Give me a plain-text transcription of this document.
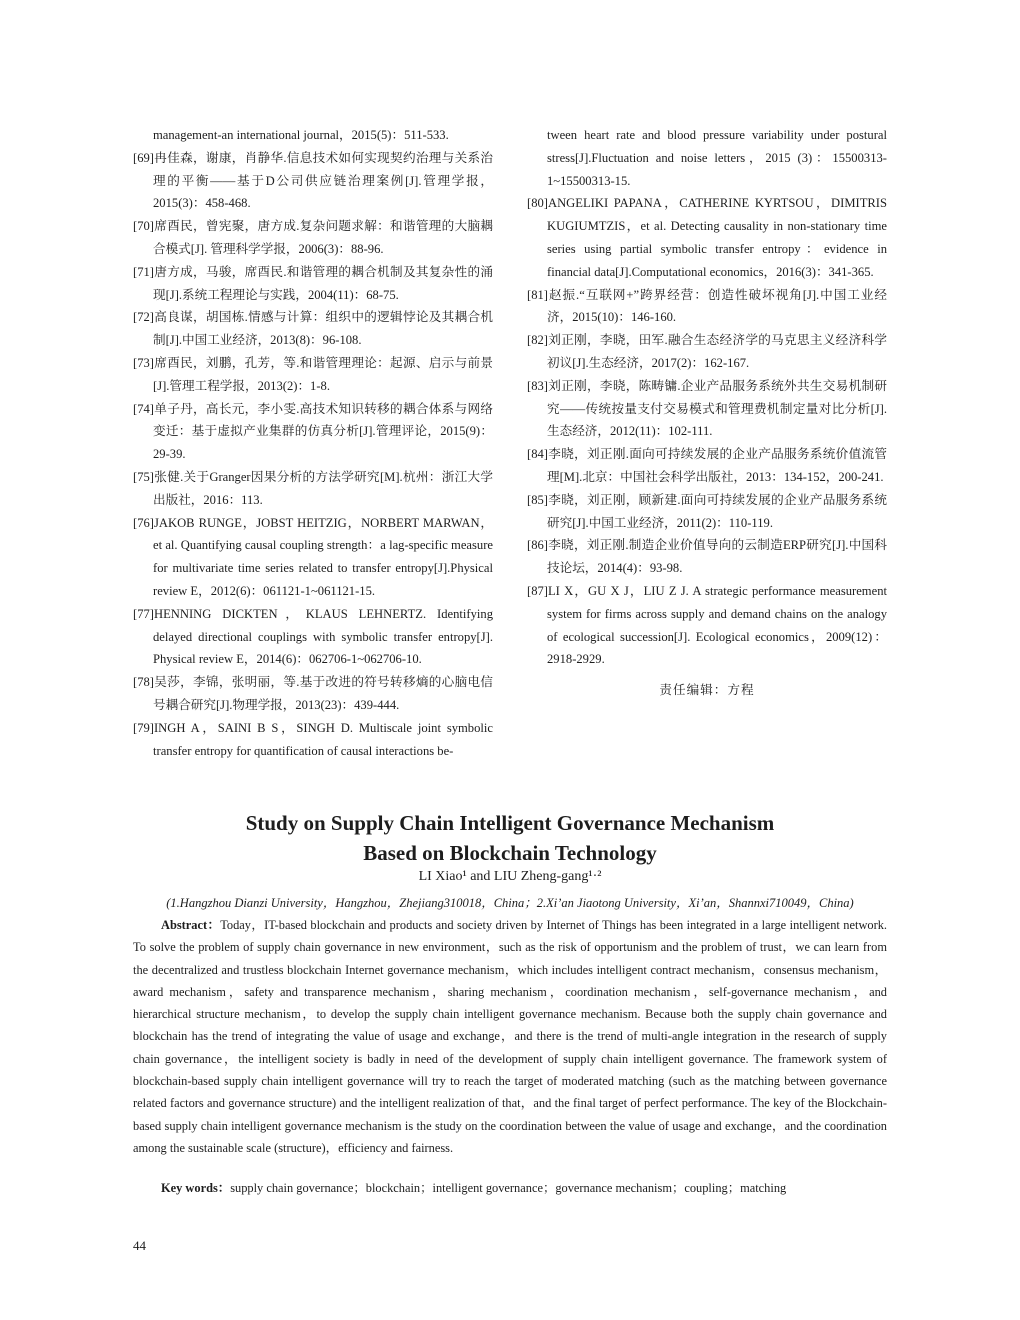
management-an international journal，2015(5)：511-533.
[69]冉佳森，谢康，肖静华.信息技术如何实现契约治理与关系治理的平衡——基于D公司供应链治理案例[J].管理学报，2015(3)：458-468.
[70]席酉民，曾宪聚，唐方成.复杂问题求解：和谐管理的大脑耦合模式[J]. 管理科学学报，2006(3)：88-96.
[71]唐方成，马骏，席酉民.和谐管理的耦合机制及其复杂性的涌现[J].系统工程理论与实践，2004(11)：68-75.
[72]高良谋，胡国栋.情感与计算：组织中的逻辑悖论及其耦合机制[J].中国工业经济，2013(8)：96-108.
[73]席酉民，刘鹏，孔芳，等.和谐管理理论：起源、启示与前景[J].管理工程学报，2013(2)：1-8.
[74]单子丹，高长元，李小雯.高技术知识转移的耦合体系与网络变迁：基于虚拟产业集群的仿真分析[J].管理评论，2015(9)：29-39.
[75]张健.关于Granger因果分析的方法学研究[M].杭州：浙江大学出版社，2016：113.
[76]JAKOB RUNGE，JOBST HEITZIG，NORBERT MARWAN，et al. Quantifying causal coupling strength：a lag-specific measure for multivariate time series related to transfer entropy[J].Physical review E，2012(6)：061121-1~061121-15.
[77]HENNING DICKTEN，KLAUS LEHNERTZ. Identifying delayed directional couplings with symbolic transfer entropy[J]. Physical review E，2014(6)：062706-1~062706-10.
[78]吴莎，李锦，张明丽，等.基于改进的符号转移熵的心脑电信号耦合研究[J].物理学报，2013(23)：439-444.
[79]INGH A，SAINI B S，SINGH D. Multiscale joint symbolic transfer entropy for quantification of causal interactions be-
tween heart rate and blood pressure variability under postural stress[J].Fluctuation and noise letters，2015 (3)：15500313-1~15500313-15.
[80]ANGELIKI PAPANA，CATHERINE KYRTSOU，DIMITRIS KUGIUMTZIS，et al. Detecting causality in non-stationary time series using partial symbolic transfer entropy：evidence in financial data[J].Computational economics，2016(3)：341-365.
[81]赵振.“互联网+”跨界经营：创造性破坏视角[J].中国工业经济，2015(10)：146-160.
[82]刘正刚，李晓，田军.融合生态经济学的马克思主义经济科学初议[J].生态经济，2017(2)：162-167.
[83]刘正刚，李晓，陈畴镛.企业产品服务系统外共生交易机制研究——传统按量支付交易模式和管理费机制定量对比分析[J].生态经济，2012(11)：102-111.
[84]李晓，刘正刚.面向可持续发展的企业产品服务系统价值流管理[M].北京：中国社会科学出版社，2013：134-152，200-241.
[85]李晓，刘正刚，顾新建.面向可持续发展的企业产品服务系统研究[J].中国工业经济，2011(2)：110-119.
[86]李晓，刘正刚.制造企业价值导向的云制造ERP研究[J].中国科技论坛，2014(4)：93-98.
[87]LI X，GU X J，LIU Z J. A strategic performance measurement system for firms across supply and demand chains on the analogy of ecological succession[J]. Ecological economics，2009(12)：2918-2929.
责任编辑：方程
Study on Supply Chain Intelligent Governance Mechanism
Based on Blockchain Technology
LI Xiao¹ and LIU Zheng-gang¹·²
(1.Hangzhou Dianzi University，Hangzhou，Zhejiang310018，China；2.Xi’an Jiaotong University，Xi’an，Shannxi710049，China)
Abstract：Today，IT-based blockchain and products and society driven by Internet of Things has been integrated in a large intelligent network. To solve the problem of supply chain governance in new environment，such as the risk of opportunism and the problem of trust，we can learn from the decentralized and trustless blockchain Internet governance mechanism，which includes intelligent contract mechanism，consensus mechanism，award mechanism，safety and transparence mechanism，sharing mechanism，coordination mechanism，self-governance mechanism，and hierarchical structure mechanism，to develop the supply chain intelligent governance mechanism. Because both the supply chain governance and blockchain has the trend of integrating the value of usage and exchange，and there is the trend of multi-angle integration in the research of supply chain governance，the intelligent society is badly in need of the development of supply chain intelligent governance. The framework system of blockchain-based supply chain intelligent governance will try to reach the target of moderated matching (such as the matching between governance related factors and governance structure) and the intelligent realization of that，and the final target of perfect performance. The key of the Blockchain-based supply chain intelligent governance mechanism is the study on the coordination between the value of usage and exchange，and the coordination among the sustainable scale (structure)，efficiency and fairness.
Key words：supply chain governance；blockchain；intelligent governance；governance mechanism；coupling；matching
44
